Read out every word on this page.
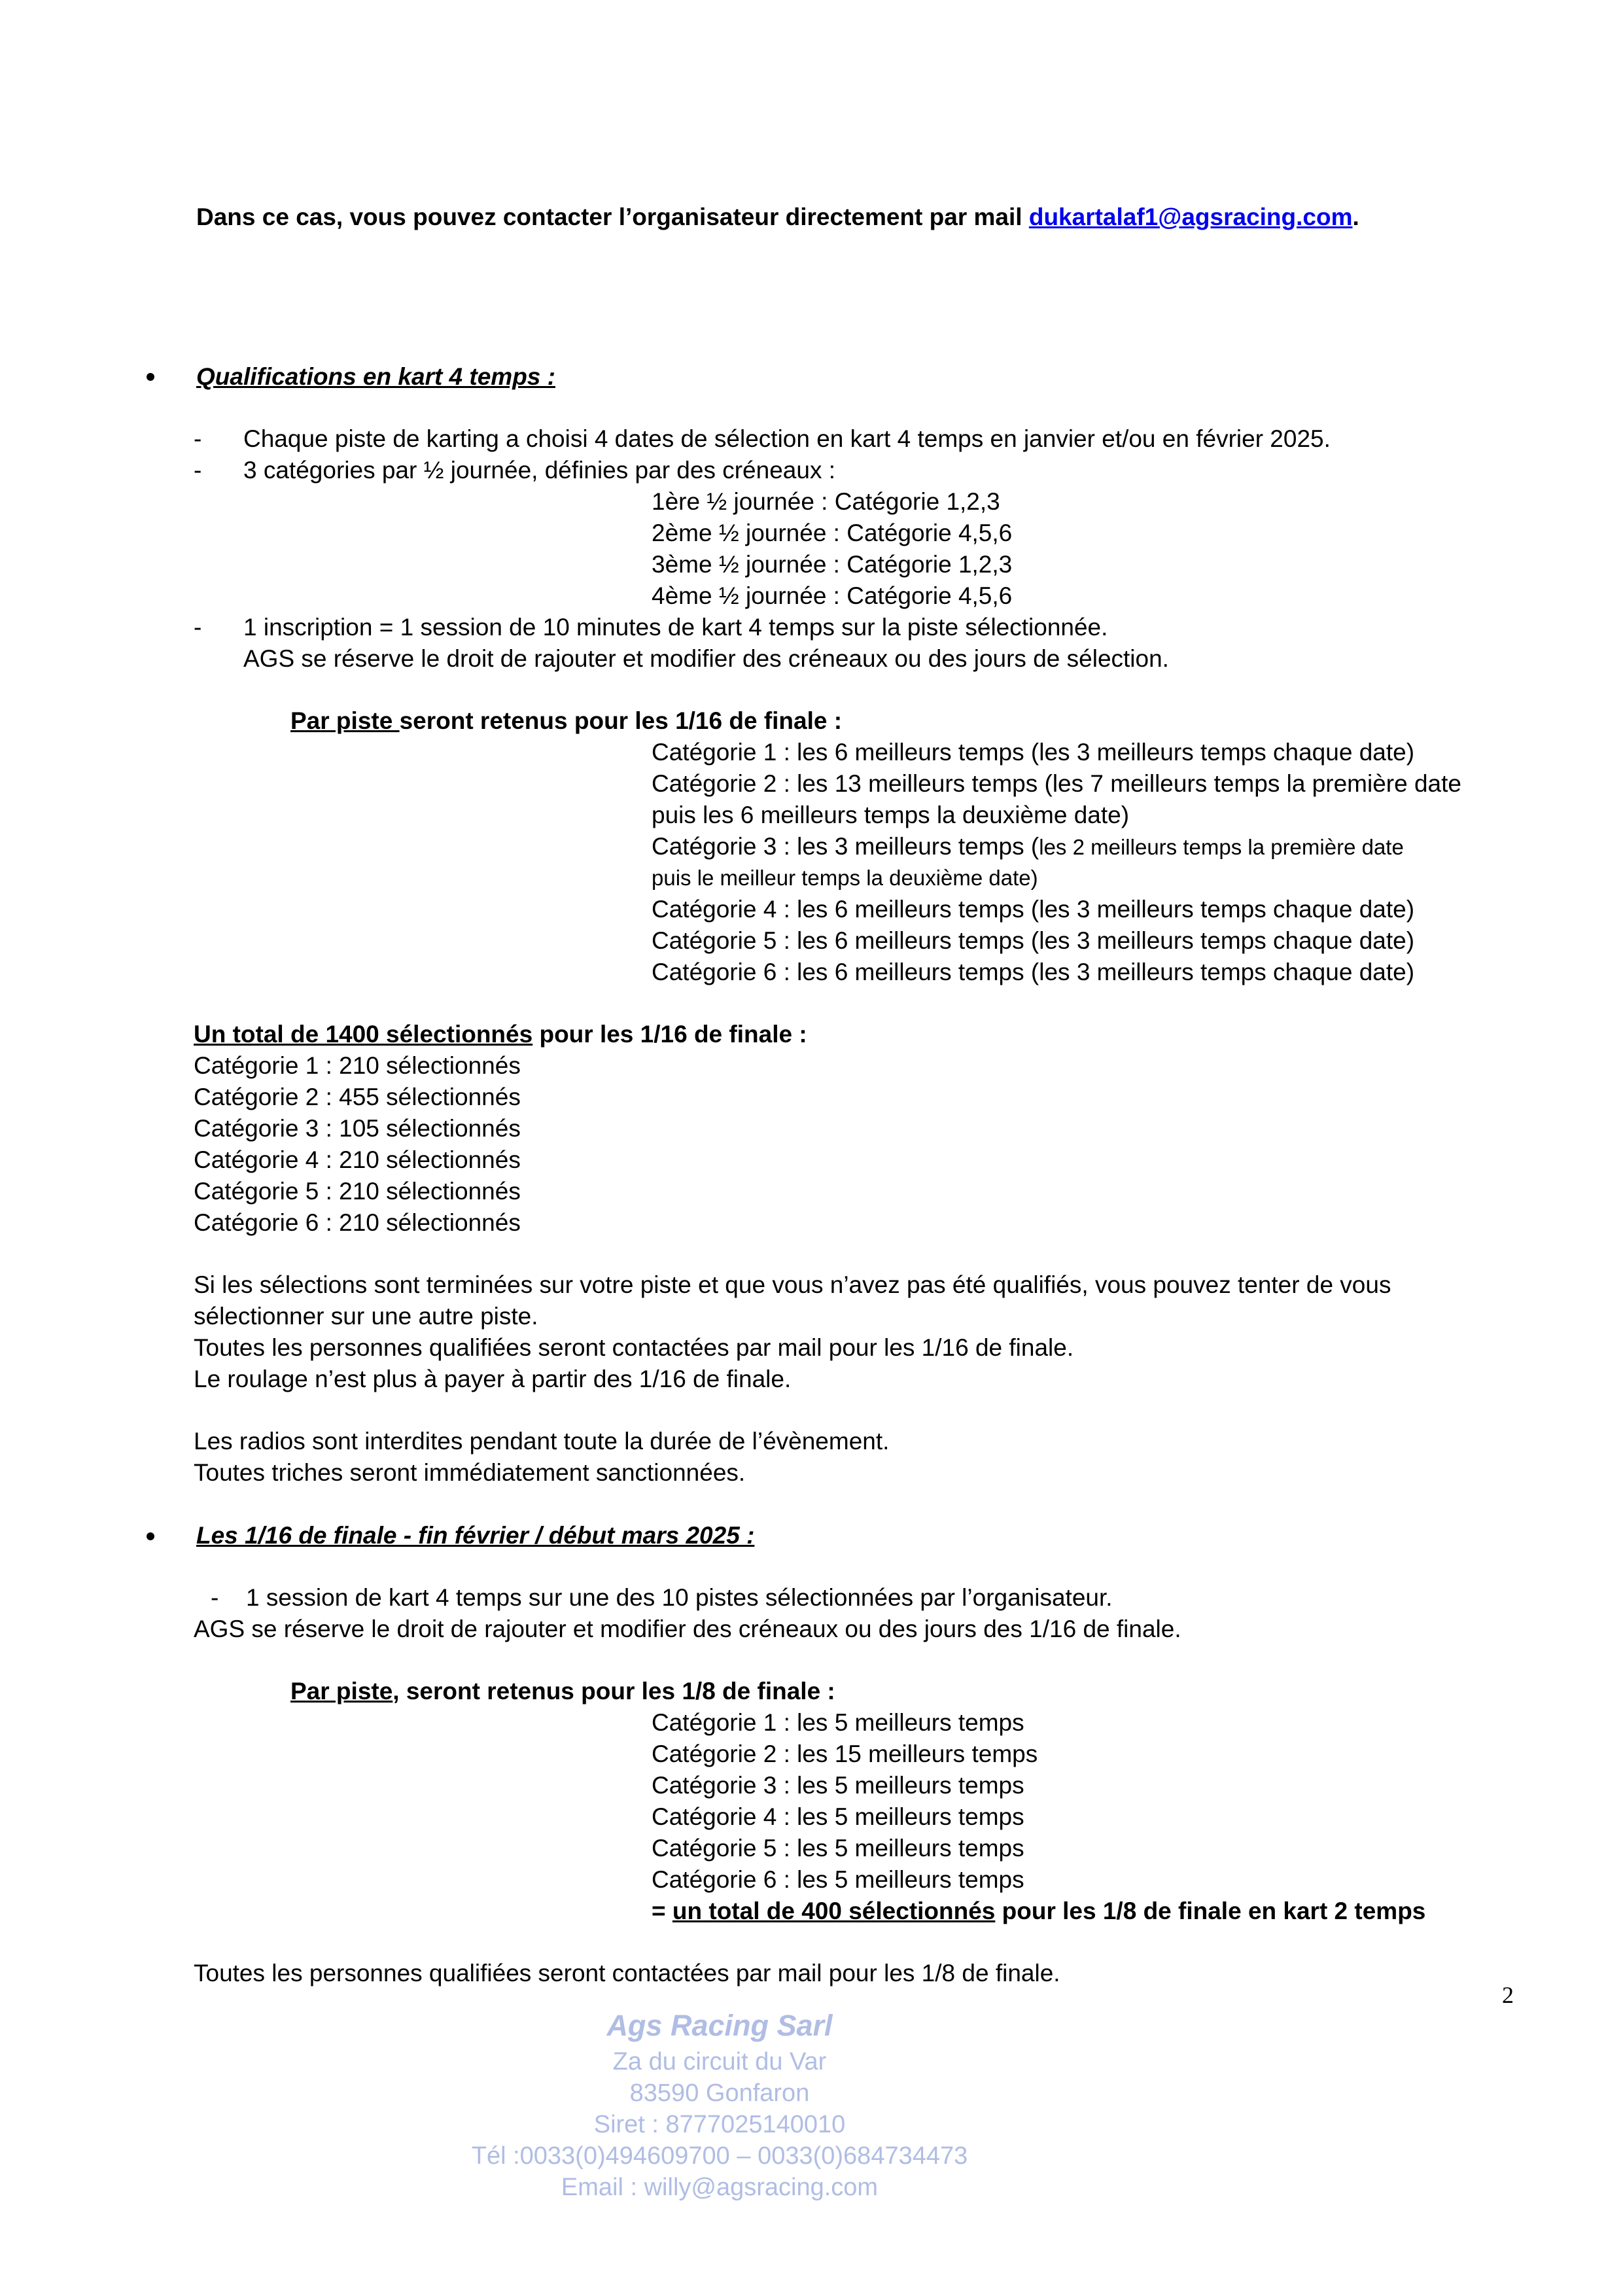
Dans ce cas, vous pouvez contacter l’organisateur directement par mail dukartalaf1@agsracing.com.
Qualifications en kart 4 temps :
- Chaque piste de karting a choisi 4 dates de sélection en kart 4 temps en janvier et/ou en février 2025.
- 3 catégories par ½ journée, définies par des créneaux :
1ère ½ journée : Catégorie 1,2,3
2ème ½ journée : Catégorie 4,5,6
3ème ½ journée : Catégorie 1,2,3
4ème ½ journée : Catégorie 4,5,6
- 1 inscription = 1 session de 10 minutes de kart 4 temps sur la piste sélectionnée.
AGS se réserve le droit de rajouter et modifier des créneaux ou des jours de sélection.
Par piste seront retenus pour les 1/16 de finale :
Catégorie 1 : les 6 meilleurs temps (les 3 meilleurs temps chaque date)
Catégorie 2 : les 13 meilleurs temps (les 7 meilleurs temps la première date
puis les 6 meilleurs temps la deuxième date)
Catégorie 3 : les 3 meilleurs temps (les 2 meilleurs temps la première date
puis le meilleur temps la deuxième date)
Catégorie 4 : les 6 meilleurs temps (les 3 meilleurs temps chaque date)
Catégorie 5 : les 6 meilleurs temps (les 3 meilleurs temps chaque date)
Catégorie 6 : les 6 meilleurs temps (les 3 meilleurs temps chaque date)
Un total de 1400 sélectionnés pour les 1/16 de finale :
Catégorie 1 : 210 sélectionnés
Catégorie 2 : 455 sélectionnés
Catégorie 3 : 105 sélectionnés
Catégorie 4 : 210 sélectionnés
Catégorie 5 : 210 sélectionnés
Catégorie 6 : 210 sélectionnés
Si les sélections sont terminées sur votre piste et que vous n’avez pas été qualifiés, vous pouvez tenter de vous
sélectionner sur une autre piste.
Toutes les personnes qualifiées seront contactées par mail pour les 1/16 de finale.
Le roulage n’est plus à payer à partir des 1/16 de finale.
Les radios sont interdites pendant toute la durée de l’évènement.
Toutes triches seront immédiatement sanctionnées.
Les 1/16 de finale - fin février / début mars 2025 :
- 1 session de kart 4 temps sur une des 10 pistes sélectionnées par l’organisateur.
AGS se réserve le droit de rajouter et modifier des créneaux ou des jours des 1/16 de finale.
Par piste, seront retenus pour les 1/8 de finale :
Catégorie 1 : les 5 meilleurs temps
Catégorie 2 : les 15 meilleurs temps
Catégorie 3 : les 5 meilleurs temps
Catégorie 4 : les 5 meilleurs temps
Catégorie 5 : les 5 meilleurs temps
Catégorie 6 : les 5 meilleurs temps
= un total de 400 sélectionnés pour les 1/8 de finale en kart 2 temps
Toutes les personnes qualifiées seront contactées par mail pour les 1/8 de finale.
2
Ags Racing Sarl
Za du circuit du Var
83590 Gonfaron
Siret : 8777025140010
Tél :0033(0)494609700 – 0033(0)684734473
Email : willy@agsracing.com
